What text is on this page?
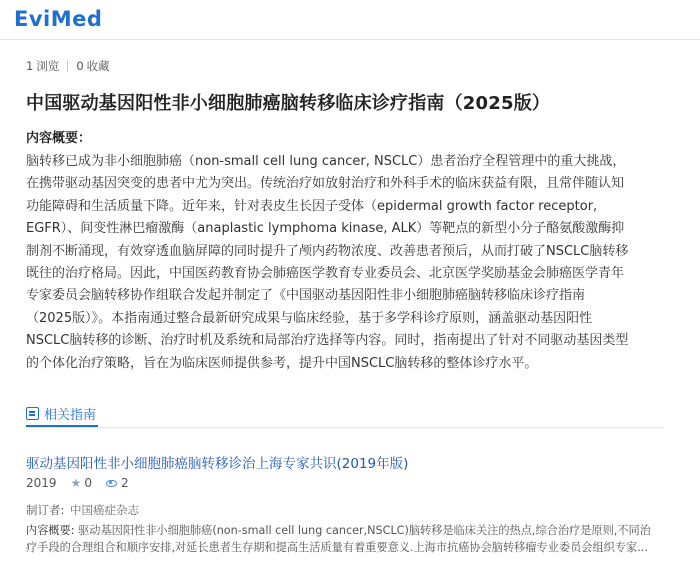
EviMed
1 浏览 0 收藏
中国驱动基因阳性非小细胞肺癌脑转移临床诊疗指南（2025版）
内容概要：

脑转移已成为非小细胞肺癌（non-small cell lung cancer, NSCLC）患者治疗全程管理中的重大挑战，

在携带驱动基因突变的患者中尤为突出。传统治疗如放射治疗和外科手术的临床获益有限，且常伴随认知

功能障碍和生活质量下降。近年来，针对表皮生长因子受体（epidermal growth factor receptor,

EGFR）、间变性淋巴瘤激酶（anaplastic lymphoma kinase, ALK）等靶点的新型小分子酪氨酸激酶抑

制剂不断涌现，有效穿透血脑屏障的同时提升了颅内药物浓度、改善患者预后，从而打破了NSCLC脑转移

既往的治疗格局。因此，中国医药教育协会肺癌医学教育专业委员会、北京医学奖励基金会肺癌医学青年

专家委员会脑转移协作组联合发起并制定了《中国驱动基因阳性非小细胞肺癌脑转移临床诊疗指南

（2025版）》。本指南通过整合最新研究成果与临床经验，基于多学科诊疗原则，涵盖驱动基因阳性

NSCLC脑转移的诊断、治疗时机及系统和局部治疗选择等内容。同时，指南提出了针对不同驱动基因类型

的个体化治疗策略，旨在为临床医师提供参考，提升中国NSCLC脑转移的整体诊疗水平。

相关指南
驱动基因阳性非小细胞肺癌脑转移诊治上海专家共识(2019年版)
2019 ★ 0 2
制订者: 中国癌症杂志
内容概要: 驱动基因阳性非小细胞肺癌(non-small cell lung cancer,NSCLC)脑转移是临床关注的热点,综合治疗是原则,不同治
疗手段的合理组合和顺序安排,对延长患者生存期和提高生活质量有着重要意义.上海市抗癌协会脑转移瘤专业委员会组织专家...
